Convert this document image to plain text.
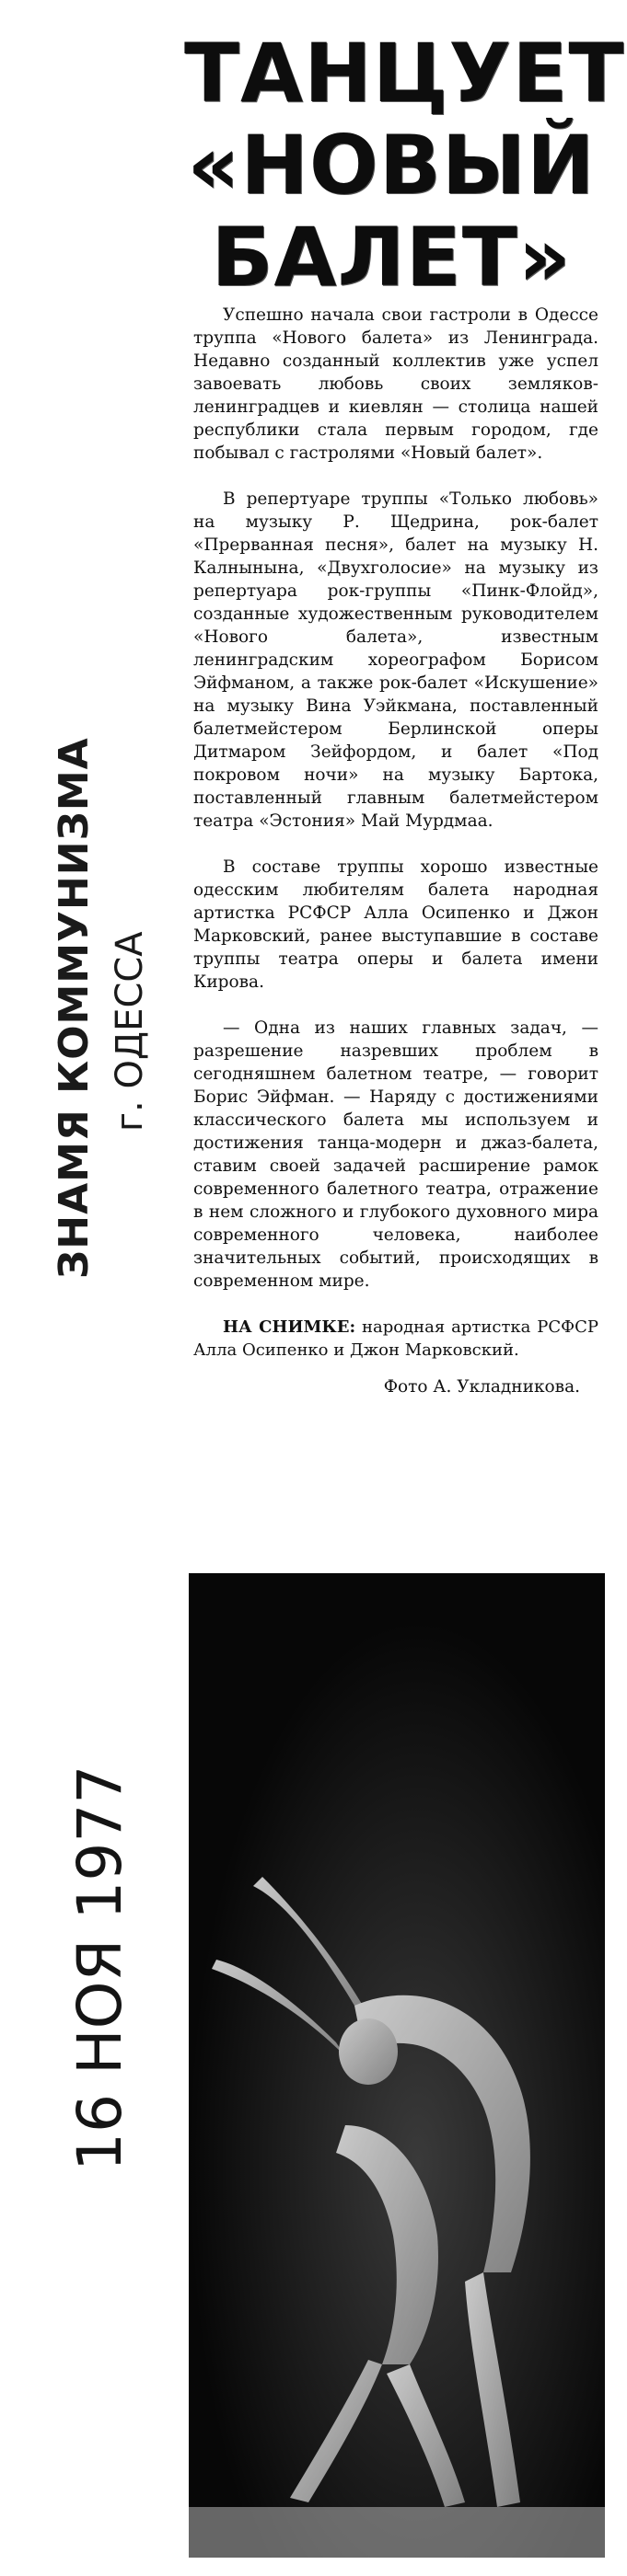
ТАНЦУЕТ
«НОВЫЙ
БАЛЕТ»
ЗНАМЯ КОММУНИЗМА г. ОДЕССА
16 НОЯ 1977

Успешно начала свои гастроли в Одессе труппа «Нового балета» из Ленинграда. Недавно созданный коллектив уже успел завоевать любовь своих земляков-ленинградцев и киевлян — столица нашей республики стала первым городом, где побывал с гастролями «Новый балет».

В репертуаре труппы «Только любовь» на музыку Р. Щедрина, рок-балет «Прерванная песня», балет на музыку Н. Калнынына, «Двухголосие» на музыку из репертуара рок-группы «Пинк-Флойд», созданные художественным руководителем «Нового балета», известным ленинградским хореографом Борисом Эйфманом, а также рок-балет «Искушение» на музыку Вина Уэйкмана, поставленный балетмейстером Берлинской оперы Дитмаром Зейфордом, и балет «Под покровом ночи» на музыку Бартока, поставленный главным балетмейстером театра «Эстония» Май Мурдмаа.

В составе труппы хорошо известные одесским любителям балета народная артистка РСФСР Алла Осипенко и Джон Марковский, ранее выступавшие в составе труппы театра оперы и балета имени Кирова.

— Одна из наших главных задач, — разрешение назревших проблем в сегодняшнем балетном театре, — говорит Борис Эйфман. — Наряду с достижениями классического балета мы используем и достижения танца-модерн и джаз-балета, ставим своей задачей расширение рамок современного балетного театра, отражение в нем сложного и глубокого духовного мира современного человека, наиболее значительных событий, происходящих в современном мире.

НА СНИМКЕ: народная артистка РСФСР Алла Осипенко и Джон Марковский.

Фото А. Укладникова.
